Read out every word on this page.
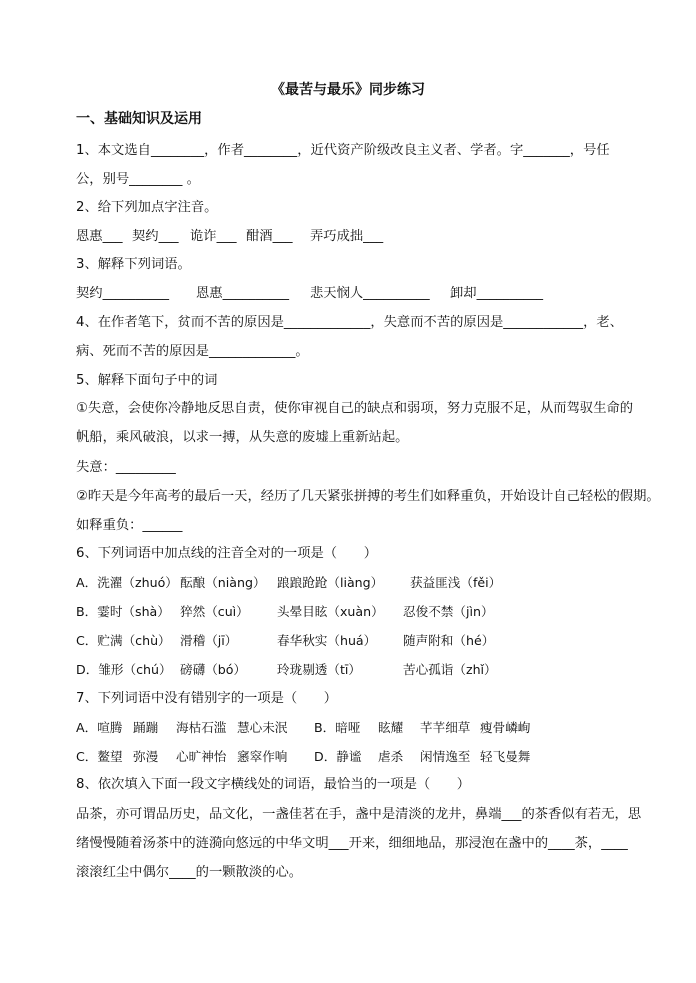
《最苦与最乐》同步练习
一、基础知识及运用
1、本文选自________，作者________，近代资产阶级改良主义者、学者。字_______，号任
公，别号________ 。
2、给下列加点字注音。
恩惠___ 契约___ 诡诈___ 酣酒___ 弄巧成拙___
3、解释下列词语。
契约__________ 恩惠__________ 悲天悯人__________ 卸却__________
4、在作者笔下，贫而不苦的原因是_____________，失意而不苦的原因是____________，老、
病、死而不苦的原因是_____________。
5、解释下面句子中的词
①失意，会使你冷静地反思自责，使你审视自己的缺点和弱项，努力克服不足，从而驾驭生命的
帆船，乘风破浪，以求一搏，从失意的废墟上重新站起。
失意：_________
②昨天是今年高考的最后一天，经历了几天紧张拼搏的考生们如释重负，开始设计自己轻松的假期。
如释重负：______
6、下列词语中加点线的注音全对的一项是（　　）
A．洗濯（zhuó） 酝酿（niàng） 踉踉跄跄（liàng） 获益匪浅（fěi）
B．霎时（shà） 猝然（cuì） 头晕目眩（xuàn） 忍俊不禁（jìn）
C．贮满（chù） 滑稽（jī）	春华秋实（huá） 随声附和（hé）
D．雏形（chú） 磅礴（bó） 玲珑剔透（tī）	苦心孤诣（zhǐ）
7、下列词语中没有错别字的一项是（　　）
A．喧腾 踊蹦 海枯石滥 慧心未泯 B．暗哑 眩耀 芊芊细草 瘦骨嶙峋
C．鳌望 弥漫 心旷神怡 窸窣作响 D．静谧 虐杀 闲情逸至 轻飞曼舞
8、依次填入下面一段文字横线处的词语，最恰当的一项是（　　）
品茶，亦可谓品历史，品文化，一盏佳茗在手，盏中是清淡的龙井，鼻端___的茶香似有若无，思
绪慢慢随着汤茶中的涟漪向悠远的中华文明___开来，细细地品，那浸泡在盏中的____茶，____
滚滚红尘中偶尔____的一颗散淡的心。
